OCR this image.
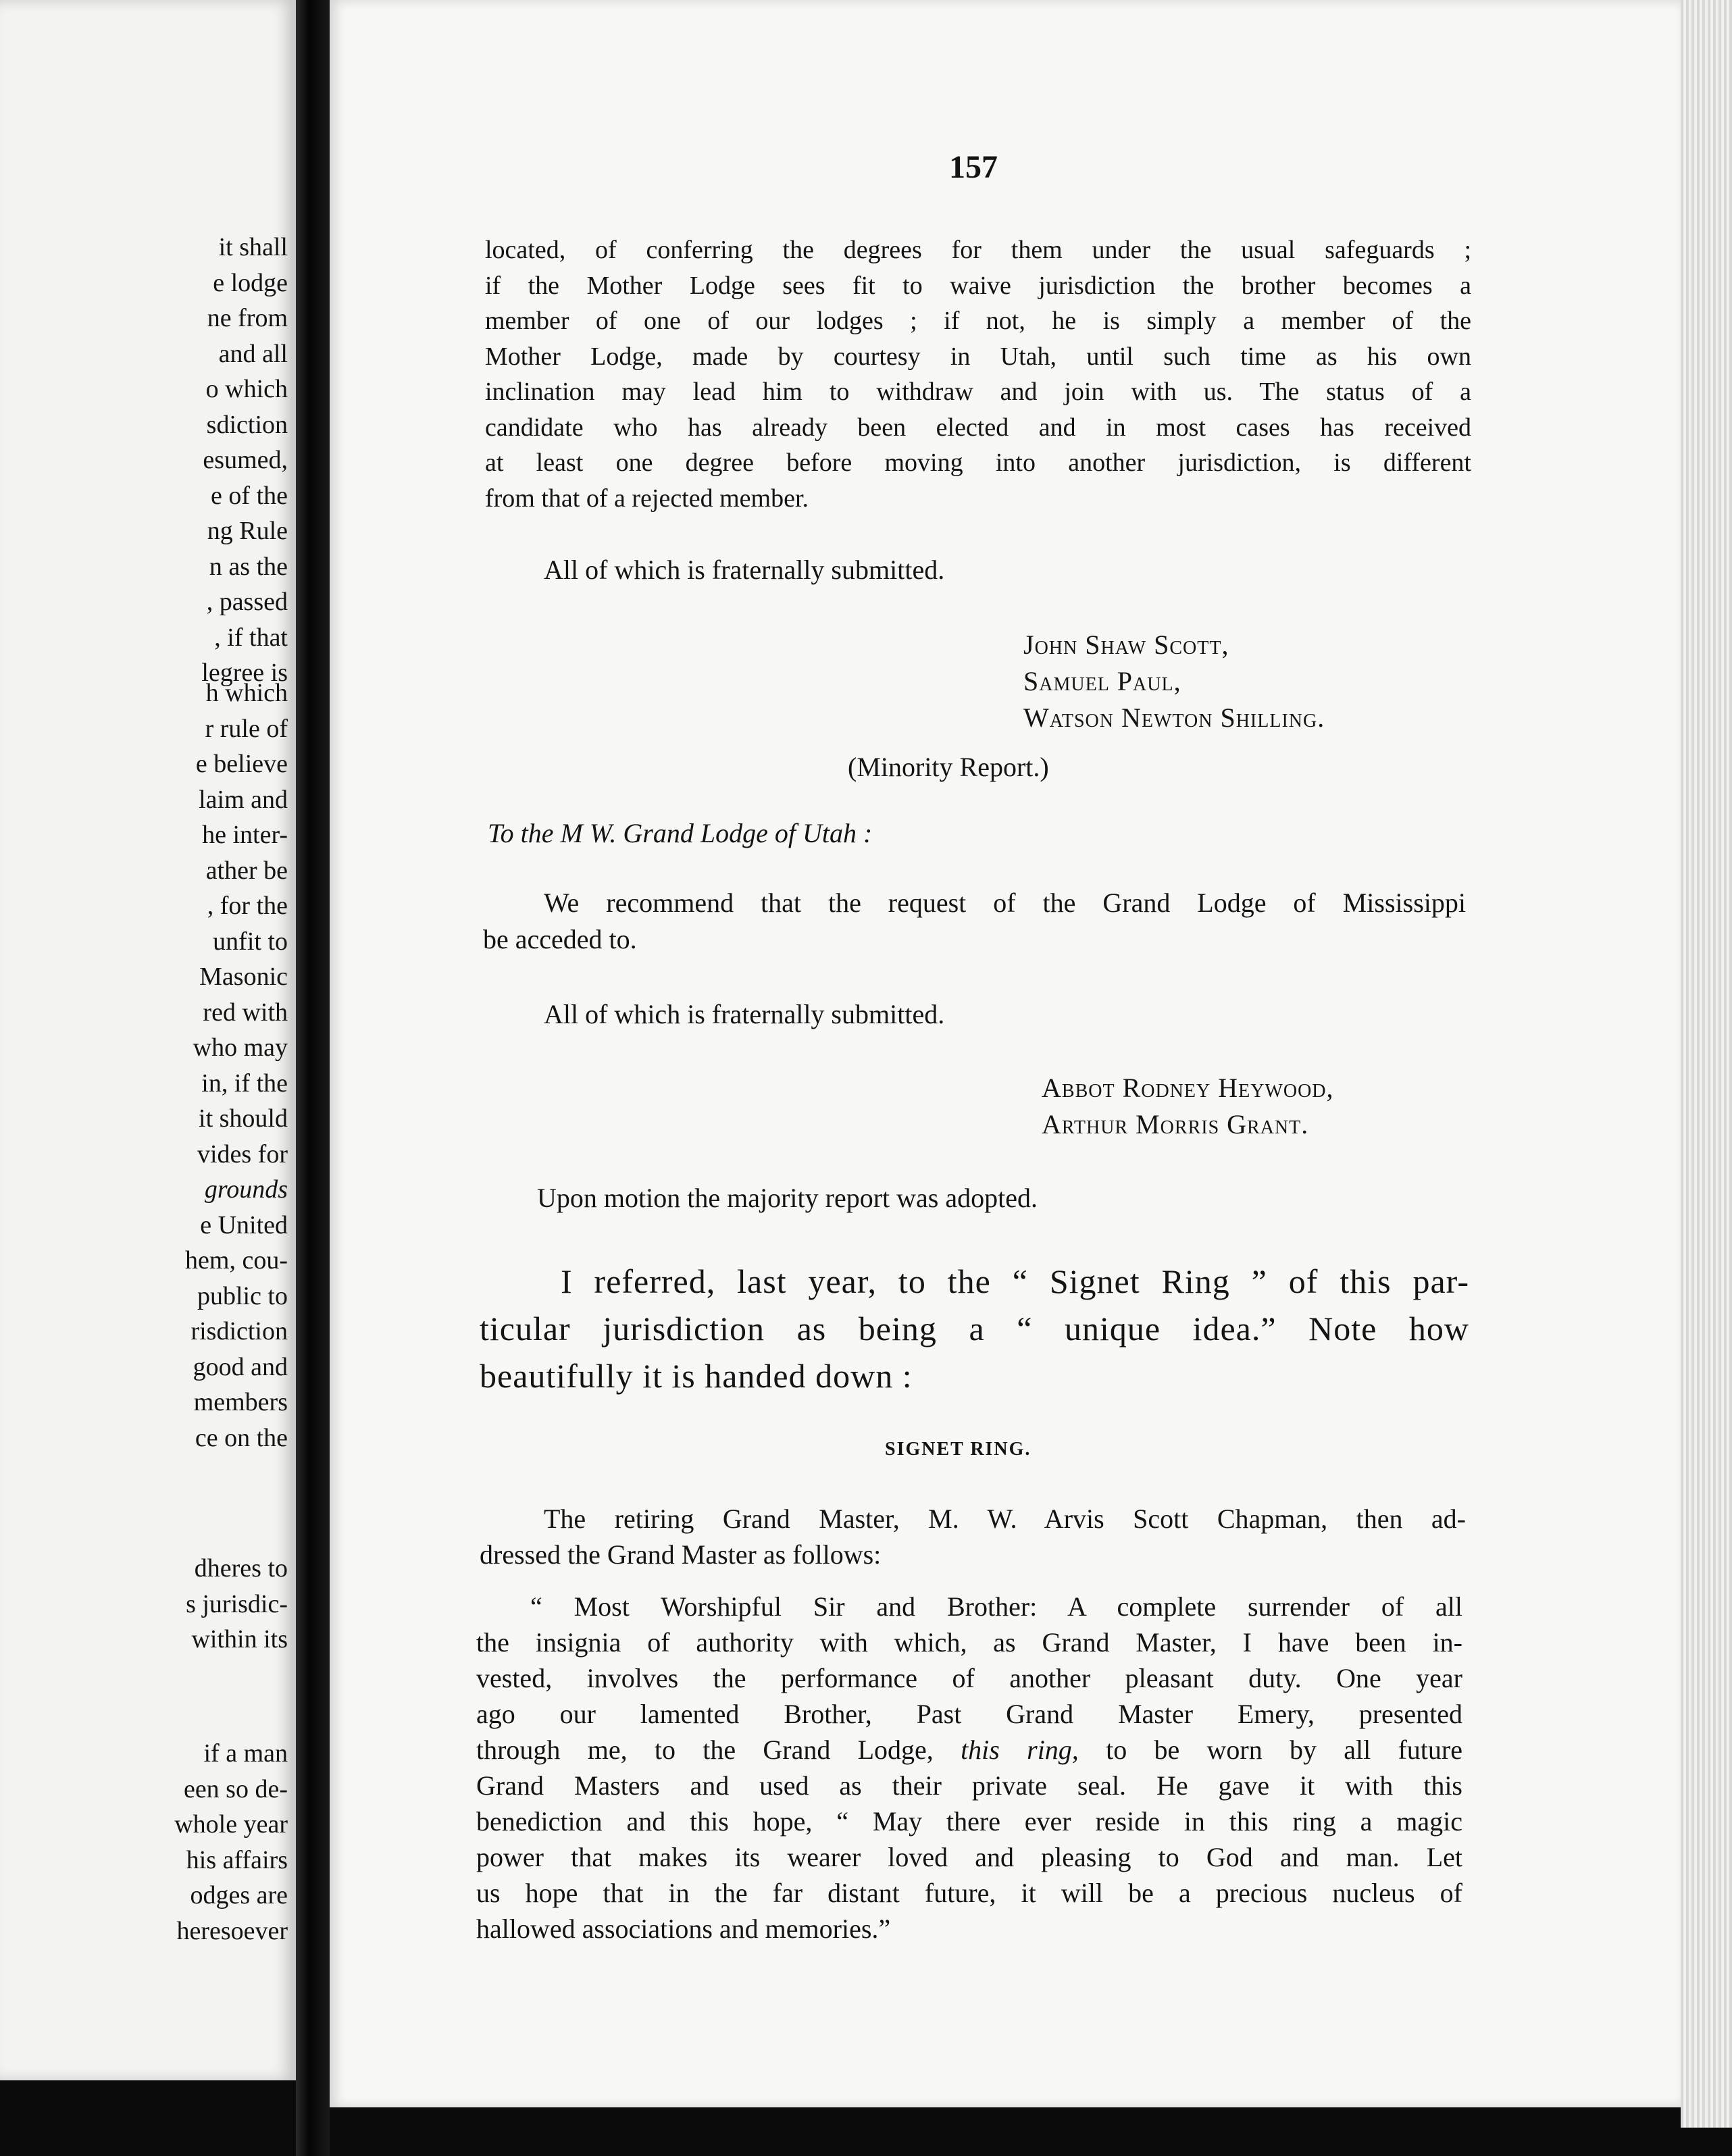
it shall
e lodge
ne from
and all
o which
sdiction
esumed,
e of the
ng Rule
n as the
, passed
, if that
legree is
h which
r rule of
e believe
laim and
he inter-
ather be
, for the
unfit to
Masonic
red with
who may
in, if the
it should
vides for
grounds
e United
hem, cou-
public to
risdiction
good and
members
ce on the
dheres to
s jurisdic-
within its
if a man
een so de-
whole year
his affairs
odges are
heresoever
157
located, of conferring the degrees for them under the usual safeguards ;
if the Mother Lodge sees fit to waive jurisdiction the brother becomes a
member of one of our lodges ; if not, he is simply a member of the
Mother Lodge, made by courtesy in Utah, until such time as his own
inclination may lead him to withdraw and join with us. The status of a
candidate who has already been elected and in most cases has received
at least one degree before moving into another jurisdiction, is different
from that of a rejected member.
All of which is fraternally submitted.
John Shaw Scott,
Samuel Paul,
Watson Newton Shilling.
(Minority Report.)
To the M W. Grand Lodge of Utah :
We recommend that the request of the Grand Lodge of Mississippi
be acceded to.
All of which is fraternally submitted.
Abbot Rodney Heywood,
Arthur Morris Grant.
Upon motion the majority report was adopted.
I referred, last year, to the “ Signet Ring ” of this par-
ticular jurisdiction as being a “ unique idea.” Note how
beautifully it is handed down :
SIGNET RING.
The retiring Grand Master, M. W. Arvis Scott Chapman, then ad-
dressed the Grand Master as follows:
“ Most Worshipful Sir and Brother: A complete surrender of all
the insignia of authority with which, as Grand Master, I have been in-
vested, involves the performance of another pleasant duty. One year
ago our lamented Brother, Past Grand Master Emery, presented
through me, to the Grand Lodge, this ring, to be worn by all future
Grand Masters and used as their private seal. He gave it with this
benediction and this hope, “ May there ever reside in this ring a magic
power that makes its wearer loved and pleasing to God and man. Let
us hope that in the far distant future, it will be a precious nucleus of
hallowed associations and memories.”
